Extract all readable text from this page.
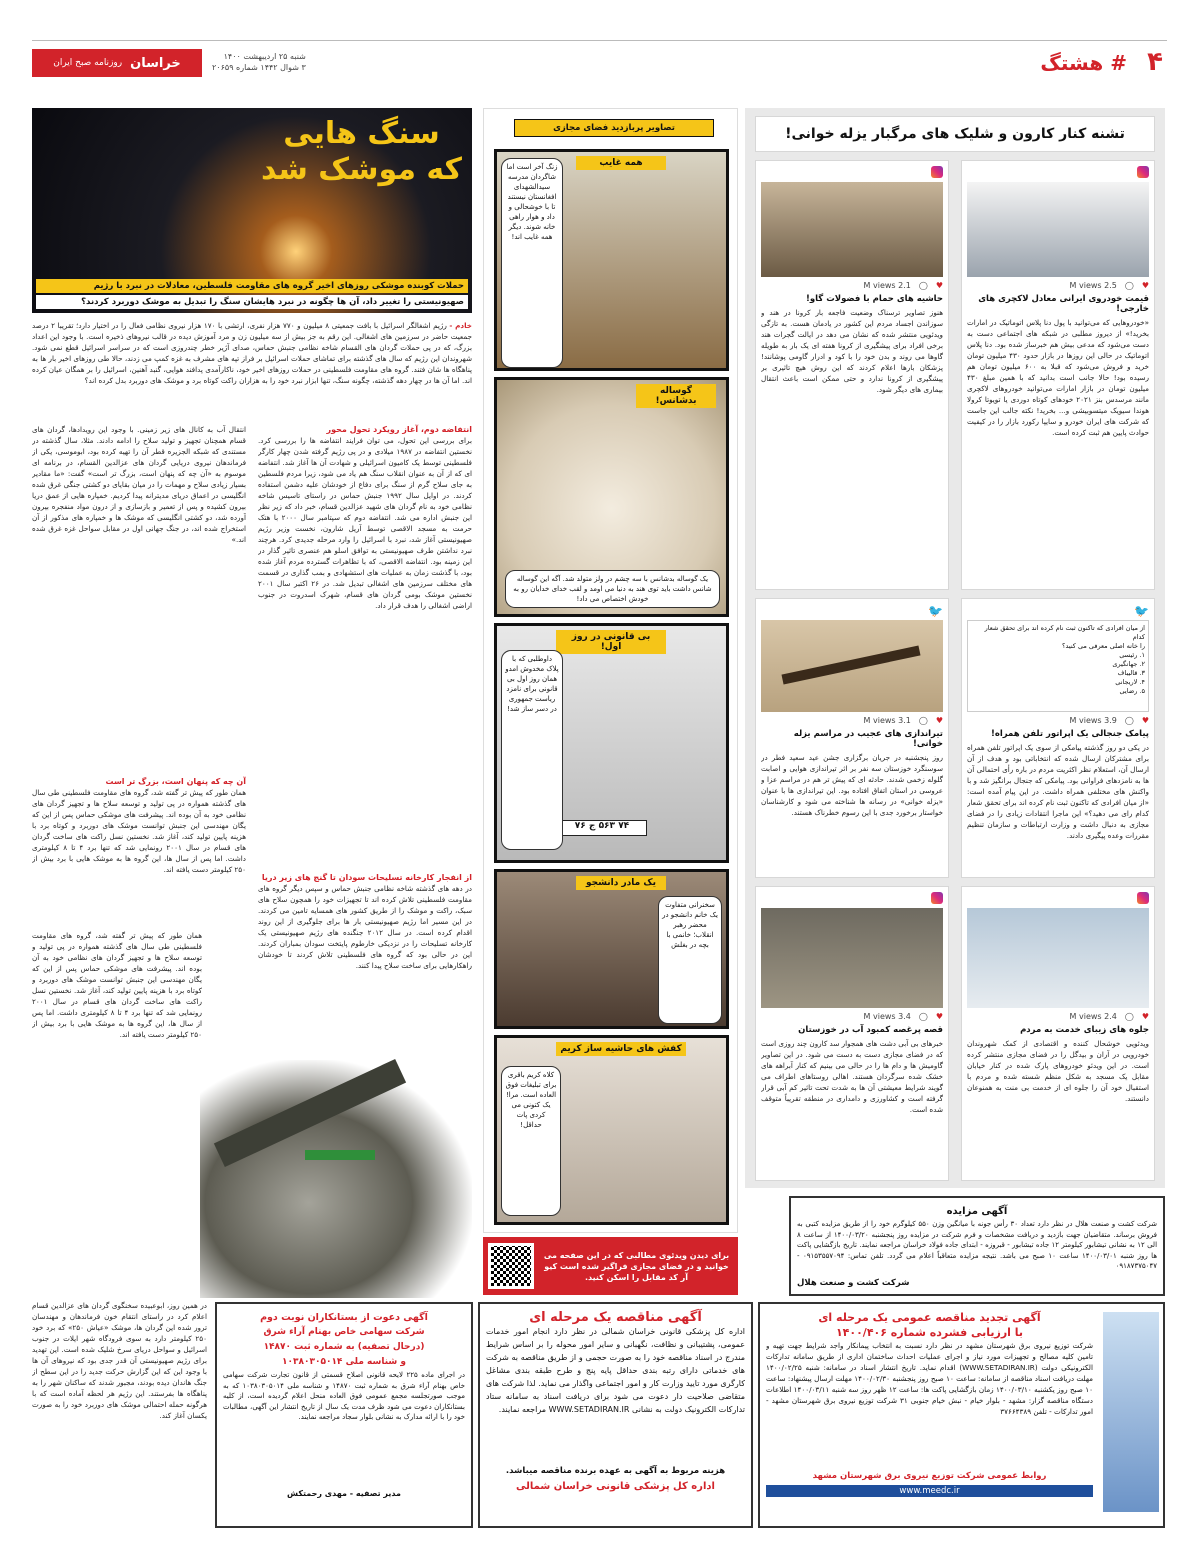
۴
# هشتگ
خراسان
روزنامه صبح ایران
شنبه ۲۵ اردیبهشت ۱۴۰۰
۳ شوال ۱۴۴۲ شماره ۲۰۶۵۹
تشنه کنار کارون و شلیک های مرگبار یزله خوانی!
♥
◯
2.5 M views
قیمت خودروی ایرانی معادل لاکچری های خارجی!
«خودروهایی که می‌توانید با پول دنا پلاس اتوماتیک در امارات بخرید!» از دیروز مطلبی در شبکه های اجتماعی دست به دست می‌شود که مدعی بیش هم خبرساز شده بود. دنا پلاس اتوماتیک در حالی این روزها در بازار حدود ۴۳۰ میلیون تومان خرید و فروش می‌شود که قبلا به ۶۰۰ میلیون تومان هم رسیده بود! حالا جانب است بدانید که با همین مبلغ ۴۳۰ میلیون تومان در بازار امارات می‌توانید خودروهای لاکچری مانند مرسدس بنز ۲۰۲۱ خودهای کوتاه دوردی یا تویوتا کرولا هوندا سیویک میتسوبیشی و... بخرید! نکته جالب این جاست که شرکت های ایران خودرو و سایپا رکورد بازار را در کیفیت حوادث پایین هم ثبت کرده است.
♥
◯
2.1 M views
حاشیه های حمام با فضولات گاو!
هنوز تصاویر ترسناک وضعیت فاجعه بار کرونا در هند و سوزاندن اجساد مردم این کشور در یادمان هست. به تازگی ویدئویی منتشر شده که نشان می دهد در ایالت گجرات هند برخی افراد برای پیشگیری از کرونا هفته ای یک بار به طویله گاوها می روند و بدن خود را با کود و ادرار گاومی پوشانند! پزشکان بارها اعلام کردند که این روش هیچ تاثیری بر پیشگیری از کرونا ندارد و حتی ممکن است باعث انتقال بیماری های دیگر شود.
🐦
از میان افرادی که تاکنون ثبت نام کرده اند برای تحقق شعار کدام
را خانه اصلی معرفی می کنید؟
۱. رئیسی
۲. جهانگیری
۳. قالیباف
۴. لاریجانی
۵. رضایی
♥
◯
3.9 M views
پیامک جنجالی یک اپراتور تلفن همراه!
در یکی دو روز گذشته پیامکی از سوی یک اپراتور تلفن همراه برای مشترکان ارسال شده که انتخاباتی بود و هدف از آن ارسال آن، استعلام نظر اکثریت مردم در باره رأی احتمالی آن ها به نامزدهای فراوانی بود. پیامکی که جنجال برانگیز شد و با واکنش های مختلفی همراه داشت. در این پیام آمده است: «از میان افرادی که تاکنون ثبت نام کرده اند برای تحقق شعار کدام رای می دهید؟» این ماجرا انتقادات زیادی را در فضای مجازی به دنبال داشت و وزارت ارتباطات و سازمان تنظیم مقررات وعده پیگیری دادند.
🐦
♥
◯
3.1 M views
تیراندازی های عجیب در مراسم یزله خوانی!
روز پنجشنبه در جریان برگزاری جشن عید سعید فطر در سوسنگرد خوزستان سه نفر بر اثر تیراندازی هوایی و اصابت گلوله زخمی شدند. حادثه ای که پیش تر هم در مراسم عزا و عروسی در استان اتفاق افتاده بود. این تیراندازی ها با عنوان «یزله خوانی» در رسانه ها شناخته می شود و کارشناسان خواستار برخورد جدی با این رسوم خطرناک هستند.
♥
◯
2.4 M views
جلوه های زیبای خدمت به مردم
ویدئویی خوشحال کننده و اقتصادی از کمک شهروندان خودرویی در آران و بیدگل را در فضای مجازی منتشر کرده است. در این ویدئو خودروهای پارک شده در کنار خیابان مقابل یک مسجد به شکل منظم شسته شده و مردم با استقبال خود آن را جلوه ای از خدمت بی منت به همنوعان دانستند.
♥
◯
3.4 M views
قصه پرغصه کمبود آب در خوزستان
خبرهای بی آبی دشت های همجوار سد کارون چند روزی است که در فضای مجازی دست به دست می شود. در این تصاویر گاومیش ها و دام ها را در حالی می بینیم که کنار آبراهه های خشک شده سرگردان هستند. اهالی روستاهای اطراف می گویند شرایط معیشتی آن ها به شدت تحت تاثیر کم آبی قرار گرفته است و کشاورزی و دامداری در منطقه تقریباً متوقف شده است.
تصاویر پربازدید فضای مجازی
همه غایب
زنگ آخر است اما شاگردان مدرسه سیدالشهدای افغانستان نیستند تا با خوشحالی و داد و هوار راهی خانه شوند. دیگر همه غایب اند!
گوساله بدشانس!
یک گوساله بدشانس با سه چشم در ولز متولد شد. آگه این گوساله شانس داشت باید توی هند به دنیا می اومد و لقب خدای خدایان رو به خودش اختصاص می داد!
بی قانونی در روز اول!
۷۴ ۵۶۳ ج ۷۶
داوطلبی که با پلاک مخدوش امدو همان روز اول بی قانونی برای نامزد ریاست جمهوری در دسر ساز شد!
یک مادر دانشجو
سخنرانی متفاوت یک خانم دانشجو در محضر رهبر انقلاب؛ خانمی با بچه در بغلش
کفش های حاشیه ساز کریم
کلاه کریم باقری برای تبلیغات فوق العاده است. مرا! یک کتونی می کردی پات حداقل!
برای دیدن ویدئوی مطالبی که در این صفحه می خوانید و در فضای مجازی فراگیر شده است کیو آر کد مقابل را اسکن کنید.
سنگ هایی
که موشک شد
حملات کوبنده موشکی روزهای اخیر گروه های مقاومت فلسطین، معادلات در نبرد با رژیم
صهیونیستی را تغییر داد، آن ها چگونه در نبرد هایشان سنگ را تبدیل به موشک دوربرد کردند؟
خادم - رژیم اشغالگر اسرائیل با بافت جمعیتی ۸ میلیون و ۷۷۰ هزار نفری، ارتشی با ۱۷۰ هزار نیروی نظامی فعال را در اختیار دارد؛ تقریبا ۲ درصد جمعیت حاضر در سرزمین های اشغالی. این رقم به جز بیش از سه میلیون زن و مرد آموزش دیده در قالب نیروهای ذخیره است. با وجود این اعداد بزرگ، که در پی حملات گردان های القسام شاخه نظامی جنبش حماس، صدای آژیر خطر چندروزی است که در سراسر اسرائیل قطع نمی شود. شهروندان این رژیم که سال های گذشته برای تماشای حملات اسرائیل بر فراز تپه های مشرف به غزه کمپ می زدند، حالا طی روزهای اخیر بار ها به پناهگاه ها شان فتند. گروه های مقاومت فلسطینی در حملات روزهای اخیر خود، ناکارآمدی پدافند هوایی، گنبد آهنین، اسرائیل را بر همگان عیان کرده اند. اما آن ها در چهار دهه گذشته، چگونه سنگ، تنها ابزار نبرد خود را به هزاران راکت کوتاه برد و موشک های دوربرد بدل کرده اند؟
انتفاضه دوم، آغاز رویکرد تحول محور

برای بررسی این تحول، می توان فرایند انتفاضه ها را بررسی کرد. نخستین انتفاضه در ۱۹۸۷ میلادی و در پی رژیم گرفته شدن چهار کارگر فلسطینی توسط یک کامیون اسرائیلی و شهادت آن ها آغاز شد. انتفاضه ای که از آن به عنوان انقلاب سنگ هم یاد می شود، زیرا مردم فلسطین به جای سلاح گرم از سنگ برای دفاع از خودشان علیه دشمن استفاده کردند. در اوایل سال ۱۹۹۲ جنبش حماس در راستای تاسیس شاخه نظامی خود به نام گردان های شهید عزالدین قسام، خبر داد که زیر نظر این جنبش اداره می شد. انتفاضه دوم که سپتامبر سال ۲۰۰۰ با هتک حرمت به مسجد الاقصی توسط آریل شارون، نخست وزیر رژیم صهیونیستی آغاز شد، نبرد با اسرائیل را وارد مرحله جدیدی کرد. هرچند نبرد نداشتن طرف صهیونیستی به توافق اسلو هم عنصری تاثیر گذار در این زمینه بود. انتفاضه الاقصی، که با تظاهرات گسترده مردم آغاز شده بود، با گذشت زمان به عملیات های استشهادی و بمب گذاری در قسمت های مختلف سرزمین های اشغالی تبدیل شد. در ۲۶ اکتبر سال ۲۰۰۱ نخستین موشک بومی گردان های قسام، شهرک اسدروت در جنوب اراضی اشغالی را هدف قرار داد.

انتقال آب به کانال های زیر زمینی. با وجود این رویدادها، گردان های قسام همچنان تجهیز و تولید سلاح را ادامه دادند. مثلا، سال گذشته در مستندی که شبکه الجزیره قطر آن را تهیه کرده بود، ابوموسی، یکی از فرماندهان نیروی دریایی گردان های عزالدین القسام، در برنامه ای موسوم به «آن چه که پنهان است، بزرگ تر است» گفت: «ما مقادیر بسیار زیادی سلاح و مهمات را در میان بقایای دو کشتی جنگی غرق شده انگلیسی در اعماق دریای مدیترانه پیدا کردیم. خمپاره هایی از عمق دریا بیرون کشیده و پس از تعمیر و بازسازی و از درون مواد منفجره بیرون آورده شد، دو کشتی انگلیسی که موشک ها و خمپاره های مذکور از آن استخراج شده اند، در جنگ جهانی اول در مقابل سواحل غزه غرق شده اند.»

از انفجار کارخانه تسلیحات سودان تا گنج های زیر دریا

در دهه های گذشته شاخه نظامی جنبش حماس و سپس دیگر گروه های مقاومت فلسطینی تلاش کرده اند تا تجهیزات خود را همچون سلاح های سبک، راکت و موشک را از طریق کشور های همسایه تامین می کردند. در این مسیر اما رژیم صهیونیستی بار ها برای جلوگیری از این روند اقدام کرده است. در سال ۲۰۱۲ جنگنده های رژیم صهیونیستی یک کارخانه تسلیحات را در نزدیکی خارطوم پایتخت سودان بمباران کردند. این در حالی بود که گروه های فلسطینی تلاش کردند تا خودشان راهکارهایی برای ساخت سلاح پیدا کنند.

آن چه که پنهان است، بزرگ تر است

همان طور که پیش تر گفته شد، گروه های مقاومت فلسطینی طی سال های گذشته همواره در پی تولید و توسعه سلاح ها و تجهیز گردان های نظامی خود به آن بوده اند. پیشرفت های موشکی حماس پس از این که یگان مهندسی این جنبش توانست موشک های دوربرد و کوتاه برد با هزینه پایین تولید کند، آغاز شد. نخستین نسل راکت های ساخت گردان های قسام در سال ۲۰۰۱ رونمایی شد که تنها برد ۴ تا ۸ کیلومتری داشت. اما پس از سال ها، این گروه ها به موشک هایی با برد بیش از ۲۵۰ کیلومتر دست یافته اند.

همان طور که پیش تر گفته شد، گروه های مقاومت فلسطینی طی سال های گذشته همواره در پی تولید و توسعه سلاح ها و تجهیز گردان های نظامی خود به آن بوده اند. پیشرفت های موشکی حماس پس از این که یگان مهندسی این جنبش توانست موشک های دوربرد و کوتاه برد با هزینه پایین تولید کند، آغاز شد. نخستین نسل راکت های ساخت گردان های قسام در سال ۲۰۰۱ رونمایی شد که تنها برد ۴ تا ۸ کیلومتری داشت. اما پس از سال ها، این گروه ها به موشک هایی با برد بیش از ۲۵۰ کیلومتر دست یافته اند.

در همین روز، ابوعبیده سخنگوی گردان های عزالدین قسام اعلام کرد در راستای انتقام خون فرماندهان و مهندسان ترور شده این گردان ها، موشک «عیاش ۲۵۰» که برد خود ۲۵۰ کیلومتر دارد به سوی فرودگاه شهر ایلات در جنوب اسرائیل و سواحل دریای سرخ شلیک شده است. این تهدید برای رژیم صهیونیستی آن قدر جدی بود که نیروهای آن ها با وجود این که این گزارش حرکت جدید را در این سطح از جنگ هاندان دیده بودند، مجبور شدند که ساکنان شهر را به پناهگاه ها بفرستند. این رژیم هر لحظه آماده است که با هرگونه حمله احتمالی موشک های دوربرد خود را به صورت یکسان آغاز کند.

آگهی مزایده
شرکت کشت و صنعت هلال در نظر دارد تعداد ۳۰ رأس جونه با میانگین وزن ۵۵۰ کیلوگرم خود را از طریق مزایده کتبی به فروش برساند. متقاضیان جهت بازدید و دریافت مشخصات و فرم شرکت در مزایده روز پنجشنبه ۱۴۰۰/۰۳/۲۰ از ساعت ۸ الی ۱۲ به نشانی تیشابور کیلومتر ۱۲ جاده تیشابور - قبروزه - ابتدای جاده فولاد خراسان مراجعه نمایند. تاریخ بازگشایی پاکت ها روز شنبه ۱۴۰۰/۰۳/۰۱ ساعت ۱۰ صبح می باشد. نتیجه مزایده متعاقباً اعلام می گردد. تلفن تماس: ۰۹۱۵۳۵۵۷۰۹۴ - ۰۹۱۸۷۳۷۵۰۴۷
شرکت کشت و صنعت هلال
آگهی تجدید مناقصه عمومی یک مرحله ای
با ارزیابی فشرده شماره ۱۴۰۰/۴۰۶
شرکت توزیع نیروی برق شهرستان مشهد در نظر دارد نسبت به انتخاب پیمانکار واجد شرایط جهت تهیه و تامین کلیه مصالح و تجهیزات مورد نیاز و اجرای عملیات احداث ساختمان اداری از طریق سامانه تدارکات الکترونیکی دولت (WWW.SETADIRAN.IR) اقدام نماید. تاریخ انتشار اسناد در سامانه: شنبه ۱۴۰۰/۰۲/۲۵ مهلت دریافت اسناد مناقصه از سامانه: ساعت ۱۰ صبح روز پنجشنبه ۱۴۰۰/۰۲/۳۰ مهلت ارسال پیشنهاد: ساعت ۱۰ صبح روز یکشنبه ۱۴۰۰/۰۳/۱۰ زمان بازگشایی پاکت ها: ساعت ۱۲ ظهر روز سه شنبه ۱۴۰۰/۰۳/۱۱ اطلاعات دستگاه مناقصه گزار: مشهد - بلوار خیام - نبش خیام جنوبی ۳۱ شرکت توزیع نیروی برق شهرستان مشهد - امور تدارکات - تلفن ۳۷۶۶۴۳۸۹
روابط عمومی شرکت توزیع نیروی برق شهرستان مشهد
www.meedc.ir
آگهی مناقصه یک مرحله ای
اداره کل پزشکی قانونی خراسان شمالی در نظر دارد انجام امور خدمات عمومی، پشتیبانی و نظافت، نگهبانی و سایر امور محوله را بر اساس شرایط مندرج در اسناد مناقصه خود را به صورت حجمی و از طریق مناقصه به شرکت های خدماتی دارای رتبه بندی حداقل پایه پنج و طرح طبقه بندی مشاغل کارگری مورد تایید وزارت کار و امور اجتماعی واگذار می نماید. لذا شرکت های متقاضی صلاحیت دار دعوت می شود برای دریافت اسناد به سامانه ستاد تدارکات الکترونیک دولت به نشانی WWW.SETADIRAN.IR مراجعه نمایند.
هزینه مربوط به آگهی به عهده برنده مناقصه میباشد.
اداره کل پزشکی قانونی خراسان شمالی
آگهی دعوت از بستانکاران نوبت دوم
شرکت سهامی خاص بهنام آراء شرق
(درحال تصفیه) به شماره ثبت ۱۴۸۷۰
و شناسه ملی ۱۰۳۸۰۳۰۵۰۱۴
در اجرای ماده ۲۲۵ لایحه قانونی اصلاح قسمتی از قانون تجارت شرکت سهامی خاص بهنام آراء شرق به شماره ثبت ۱۴۸۷۰ و شناسه ملی ۱۰۳۸۰۳۰۵۰۱۴ که به موجب صورتجلسه مجمع عمومی فوق العاده منحل اعلام گردیده است، از کلیه بستانکاران دعوت می شود ظرف مدت یک سال از تاریخ انتشار این آگهی، مطالبات خود را با ارائه مدارک به نشانی بلوار سجاد مراجعه نمایند.
مدیر تصفیه - مهدی رحمتکش
